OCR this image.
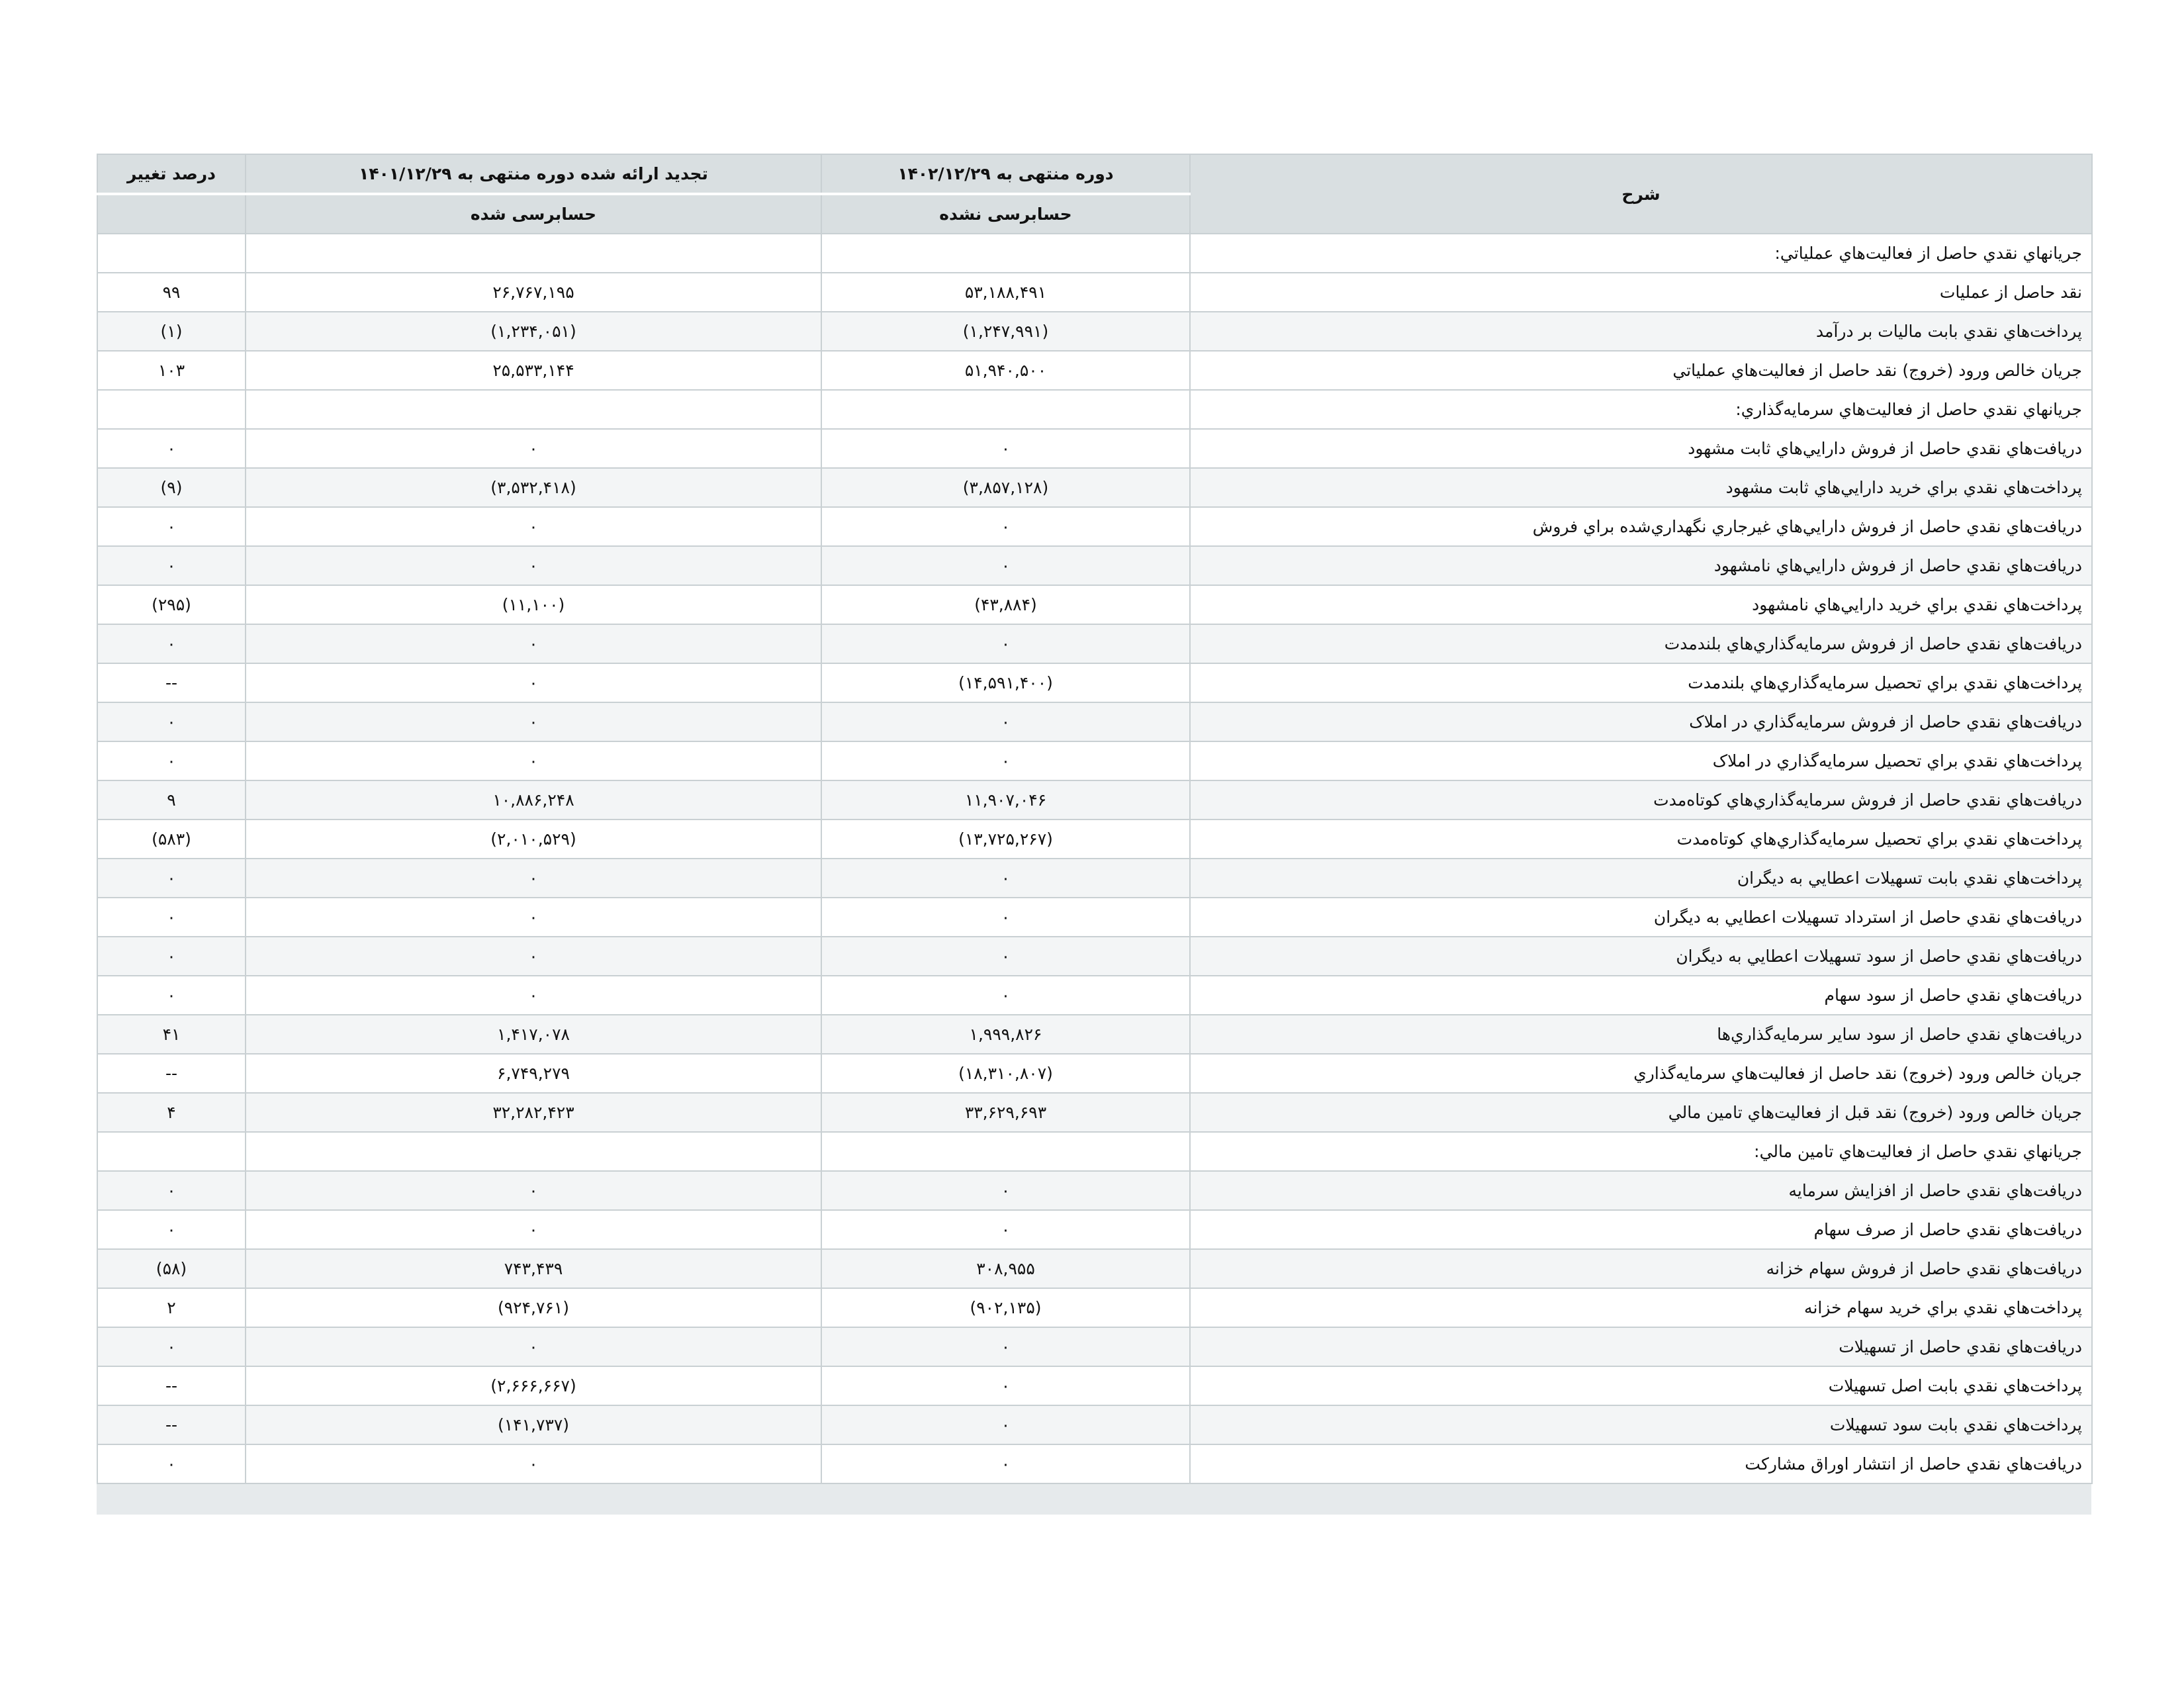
شرح	دوره منتهی به ۱۴۰۲/۱۲/۲۹	تجدید ارائه شده دوره منتهی به ۱۴۰۱/۱۲/۲۹	درصد تغییر
	حسابرسی نشده	حسابرسی شده	
جريانهاي نقدي حاصل از فعاليت‌هاي عملياتي:			
نقد حاصل از عمليات	۵۳,۱۸۸,۴۹۱	۲۶,۷۶۷,۱۹۵	۹۹
پرداخت‌هاي نقدي بابت ماليات بر درآمد	(۱,۲۴۷,۹۹۱)	(۱,۲۳۴,۰۵۱)	(۱)
جريان خالص ورود (خروج) نقد حاصل از فعاليت‌هاي عملياتي	۵۱,۹۴۰,۵۰۰	۲۵,۵۳۳,۱۴۴	۱۰۳
جريانهاي نقدي حاصل از فعاليت‌هاي سرمايه‌گذاري:			
دريافت‌هاي نقدي حاصل از فروش دارايي‌هاي ثابت مشهود	۰	۰	۰
پرداخت‌هاي نقدي براي خريد دارايي‌هاي ثابت مشهود	(۳,۸۵۷,۱۲۸)	(۳,۵۳۲,۴۱۸)	(۹)
دريافت‌هاي نقدي حاصل از فروش دارايي‌هاي غيرجاري نگهداري‌شده براي فروش	۰	۰	۰
دريافت‌هاي نقدي حاصل از فروش دارايي‌هاي نامشهود	۰	۰	۰
پرداخت‌هاي نقدي براي خريد دارايي‌هاي نامشهود	(۴۳,۸۸۴)	(۱۱,۱۰۰)	(۲۹۵)
دريافت‌هاي نقدي حاصل از فروش سرمايه‌گذاري‌هاي بلندمدت	۰	۰	۰
پرداخت‌هاي نقدي براي تحصيل سرمايه‌گذاري‌هاي بلندمدت	(۱۴,۵۹۱,۴۰۰)	۰	--
دريافت‌هاي نقدي حاصل از فروش سرمايه‌گذاري در املاک	۰	۰	۰
پرداخت‌هاي نقدي براي تحصيل سرمايه‌گذاري در املاک	۰	۰	۰
دريافت‌هاي نقدي حاصل از فروش سرمايه‌گذاري‌هاي کوتاه‌مدت	۱۱,۹۰۷,۰۴۶	۱۰,۸۸۶,۲۴۸	۹
پرداخت‌هاي نقدي براي تحصيل سرمايه‌گذاري‌هاي کوتاه‌مدت	(۱۳,۷۲۵,۲۶۷)	(۲,۰۱۰,۵۲۹)	(۵۸۳)
پرداخت‌هاي نقدي بابت تسهيلات اعطايي به ديگران	۰	۰	۰
دريافت‌هاي نقدي حاصل از استرداد تسهيلات اعطايي به ديگران	۰	۰	۰
دريافت‌هاي نقدي حاصل از سود تسهيلات اعطايي به ديگران	۰	۰	۰
دريافت‌هاي نقدي حاصل از سود سهام	۰	۰	۰
دريافت‌هاي نقدي حاصل از سود ساير سرمايه‌گذاري‌ها	۱,۹۹۹,۸۲۶	۱,۴۱۷,۰۷۸	۴۱
جريان خالص ورود (خروج) نقد حاصل از فعاليت‌هاي سرمايه‌گذاري	(۱۸,۳۱۰,۸۰۷)	۶,۷۴۹,۲۷۹	--
جريان خالص ورود (خروج) نقد قبل از فعاليت‌هاي تامين مالي	۳۳,۶۲۹,۶۹۳	۳۲,۲۸۲,۴۲۳	۴
جريانهاي نقدي حاصل از فعاليت‌هاي تامين مالي:			
دريافت‌هاي نقدي حاصل از افزايش سرمايه	۰	۰	۰
دريافت‌هاي نقدي حاصل از صرف سهام	۰	۰	۰
دريافت‌هاي نقدي حاصل از فروش سهام خزانه	۳۰۸,۹۵۵	۷۴۳,۴۳۹	(۵۸)
پرداخت‌هاي نقدي براي خريد سهام خزانه	(۹۰۲,۱۳۵)	(۹۲۴,۷۶۱)	۲
دريافت‌هاي نقدي حاصل از تسهيلات	۰	۰	۰
پرداخت‌هاي نقدي بابت اصل تسهيلات	۰	(۲,۶۶۶,۶۶۷)	--
پرداخت‌هاي نقدي بابت سود تسهيلات	۰	(۱۴۱,۷۳۷)	--
دريافت‌هاي نقدي حاصل از انتشار اوراق مشارکت	۰	۰	۰
